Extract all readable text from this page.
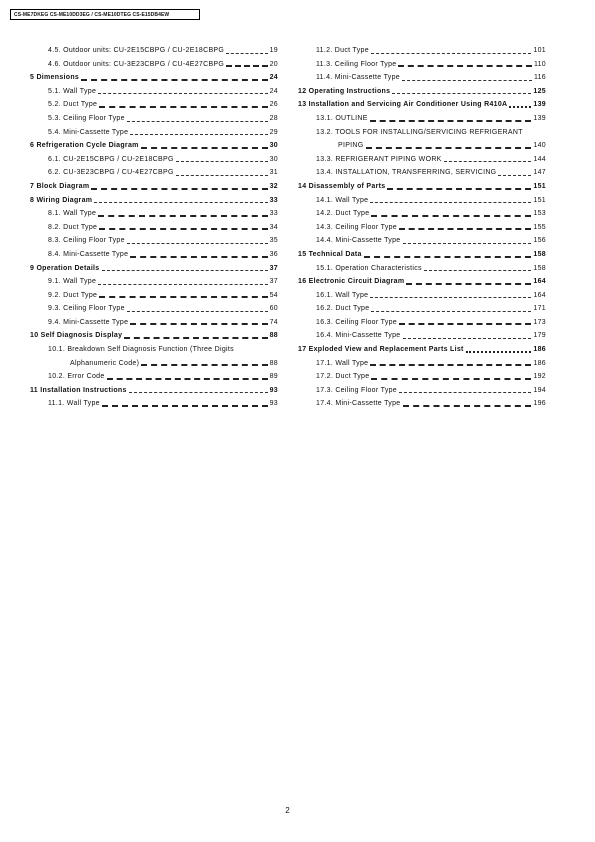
CS-ME7DKEG CS-ME10DD3EG / CS-ME10DTEG CS-E15DB4EW
4.5. Outdoor units: CU-2E15CBPG / CU-2E18CBPG	19
4.6. Outdoor units: CU-3E23CBPG / CU-4E27CBPG	20
5 Dimensions	24
5.1. Wall Type	24
5.2. Duct Type	26
5.3. Ceiling Floor Type	28
5.4. Mini-Cassette Type	29
6 Refrigeration Cycle Diagram	30
6.1. CU-2E15CBPG / CU-2E18CBPG	30
6.2. CU-3E23CBPG / CU-4E27CBPG	31
7 Block Diagram	32
8 Wiring Diagram	33
8.1. Wall Type	33
8.2. Duct Type	34
8.3. Ceiling Floor Type	35
8.4. Mini-Cassette Type	36
9 Operation Details	37
9.1. Wall Type	37
9.2. Duct Type	54
9.3. Ceiling Floor Type	60
9.4. Mini-Cassette Type	74
10 Self Diagnosis Display	88
10.1. Breakdown Self Diagnosis Function (Three Digits
Alphanumeric Code)	88
10.2. Error Code	89
11 Installation Instructions	93
11.1. Wall Type	93
11.2. Duct Type	101
11.3. Ceiling Floor Type	110
11.4. Mini-Cassette Type	116
12 Operating Instructions	125
13 Installation and Servicing Air Conditioner Using R410A	139
13.1. OUTLINE	139
13.2. TOOLS FOR INSTALLING/SERVICING REFRIGERANT
PIPING	140
13.3. REFRIGERANT PIPING WORK	144
13.4. INSTALLATION, TRANSFERRING, SERVICING	147
14 Disassembly of Parts	151
14.1. Wall Type	151
14.2. Duct Type	153
14.3. Ceiling Floor Type	155
14.4. Mini-Cassette Type	156
15 Technical Data	158
15.1. Operation Characteristics	158
16 Electronic Circuit Diagram	164
16.1. Wall Type	164
16.2. Duct Type	171
16.3. Ceiling Floor Type	173
16.4. Mini-Cassette Type	179
17 Exploded View and Replacement Parts List	186
17.1. Wall Type	186
17.2. Duct Type	192
17.3. Ceiling Floor Type	194
17.4. Mini-Cassette Type	196
2
